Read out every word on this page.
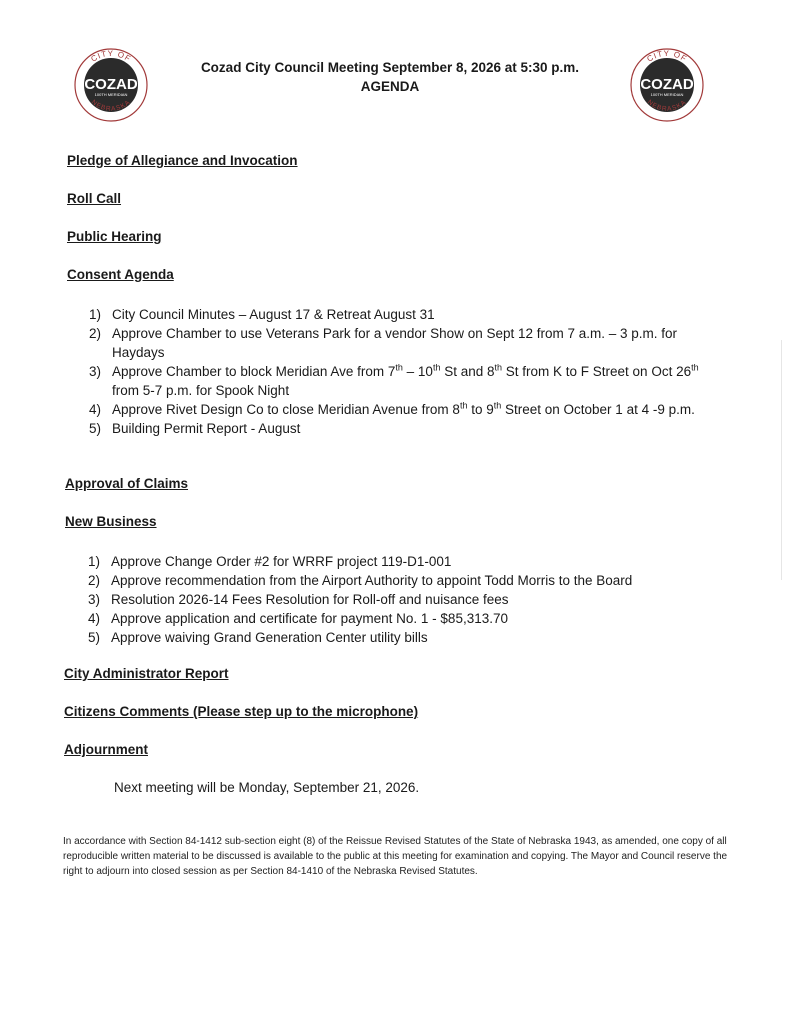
CITY OF
NEBRASKA
COZAD
100TH MERIDIAN
CITY OF
NEBRASKA
COZAD
100TH MERIDIAN
Cozad City Council Meeting September 8, 2026 at 5:30 p.m.
AGENDA
Pledge of Allegiance and Invocation
Roll Call
Public Hearing
Consent Agenda
1) City Council Minutes – August 17 & Retreat August 31
2) Approve Chamber to use Veterans Park for a vendor Show on Sept 12 from 7 a.m. – 3 p.m. for Haydays
3) Approve Chamber to block Meridian Ave from 7th – 10th St and 8th St from K to F Street on Oct 26th from 5-7 p.m. for Spook Night
4) Approve Rivet Design Co to close Meridian Avenue from 8th to 9th Street on October 1 at 4 -9 p.m.
5) Building Permit Report - August
Approval of Claims
New Business
1) Approve Change Order #2 for WRRF project 119-D1-001
2) Approve recommendation from the Airport Authority to appoint Todd Morris to the Board
3) Resolution 2026-14 Fees Resolution for Roll-off and nuisance fees
4) Approve application and certificate for payment No. 1 - $85,313.70
5) Approve waiving Grand Generation Center utility bills
City Administrator Report
Citizens Comments (Please step up to the microphone)
Adjournment
Next meeting will be Monday, September 21, 2026.
In accordance with Section 84-1412 sub-section eight (8) of the Reissue Revised Statutes of the State of Nebraska 1943, as amended, one copy of all reproducible written material to be discussed is available to the public at this meeting for examination and copying. The Mayor and Council reserve the right to adjourn into closed session as per Section 84-1410 of the Nebraska Revised Statutes.
